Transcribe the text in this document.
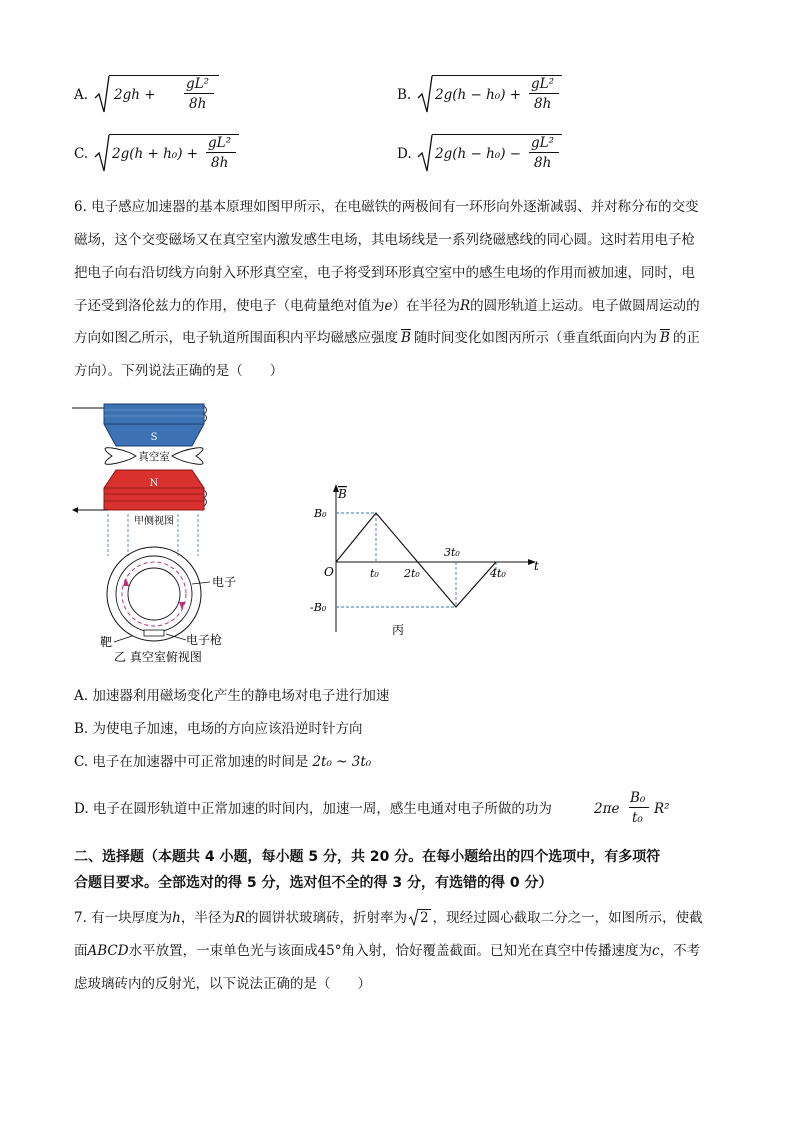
A. 2gh +
gL²
8h
B. 2g(h − h₀) +
gL²
8h
C. 2g(h + h₀) +
gL²
8h
D. 2g(h − h₀) −
gL²
8h
6. 电子感应加速器的基本原理如图甲所示，在电磁铁的两极间有一环形向外逐渐减弱、并对称分布的交变
磁场，这个交变磁场又在真空室内激发感生电场，其电场线是一系列绕磁感线的同心圆。这时若用电子枪
把电子向右沿切线方向射入环形真空室，电子将受到环形真空室中的感生电场的作用而被加速，同时，电
子还受到洛伦兹力的作用，使电子（电荷量绝对值为e）在半径为R的圆形轨道上运动。电子做圆周运动的
方向如图乙所示，电子轨道所围面积内平均磁感应强度 $\overline{B}$ 随时间变化如图丙所示（垂直纸面向内为 $\overline{B}$ 的正
方向）。下列说法正确的是（　　）
S
真空室
N
甲侧视图
电子
电子枪
靶
乙 真空室俯视图
B
t
O
B₀
-B₀
t₀ 2t₀
3t₀
4t₀
丙
A. 加速器利用磁场变化产生的静电场对电子进行加速
B. 为使电子加速，电场的方向应该沿逆时针方向
C. 电子在加速器中可正常加速的时间是 2t₀ ~ 3t₀
D. 电子在圆形轨道中正常加速的时间内，加速一周，感生电通对电子所做的功为	2πe
B₀
t₀
R²
二、选择题（本题共 4 小题，每小题 5 分，共 20 分。在每小题给出的四个选项中，有多项符
合题目要求。全部选对的得 5 分，选对但不全的得 3 分，有选错的得 0 分）
7. 有一块厚度为h，半径为R的圆饼状玻璃砖，折射率为 2 ，现经过圆心截取二分之一，如图所示，使截
面ABCD水平放置，一束单色光与该面成45°角入射，恰好覆盖截面。已知光在真空中传播速度为c，不考
虑玻璃砖内的反射光，以下说法正确的是（　　）
